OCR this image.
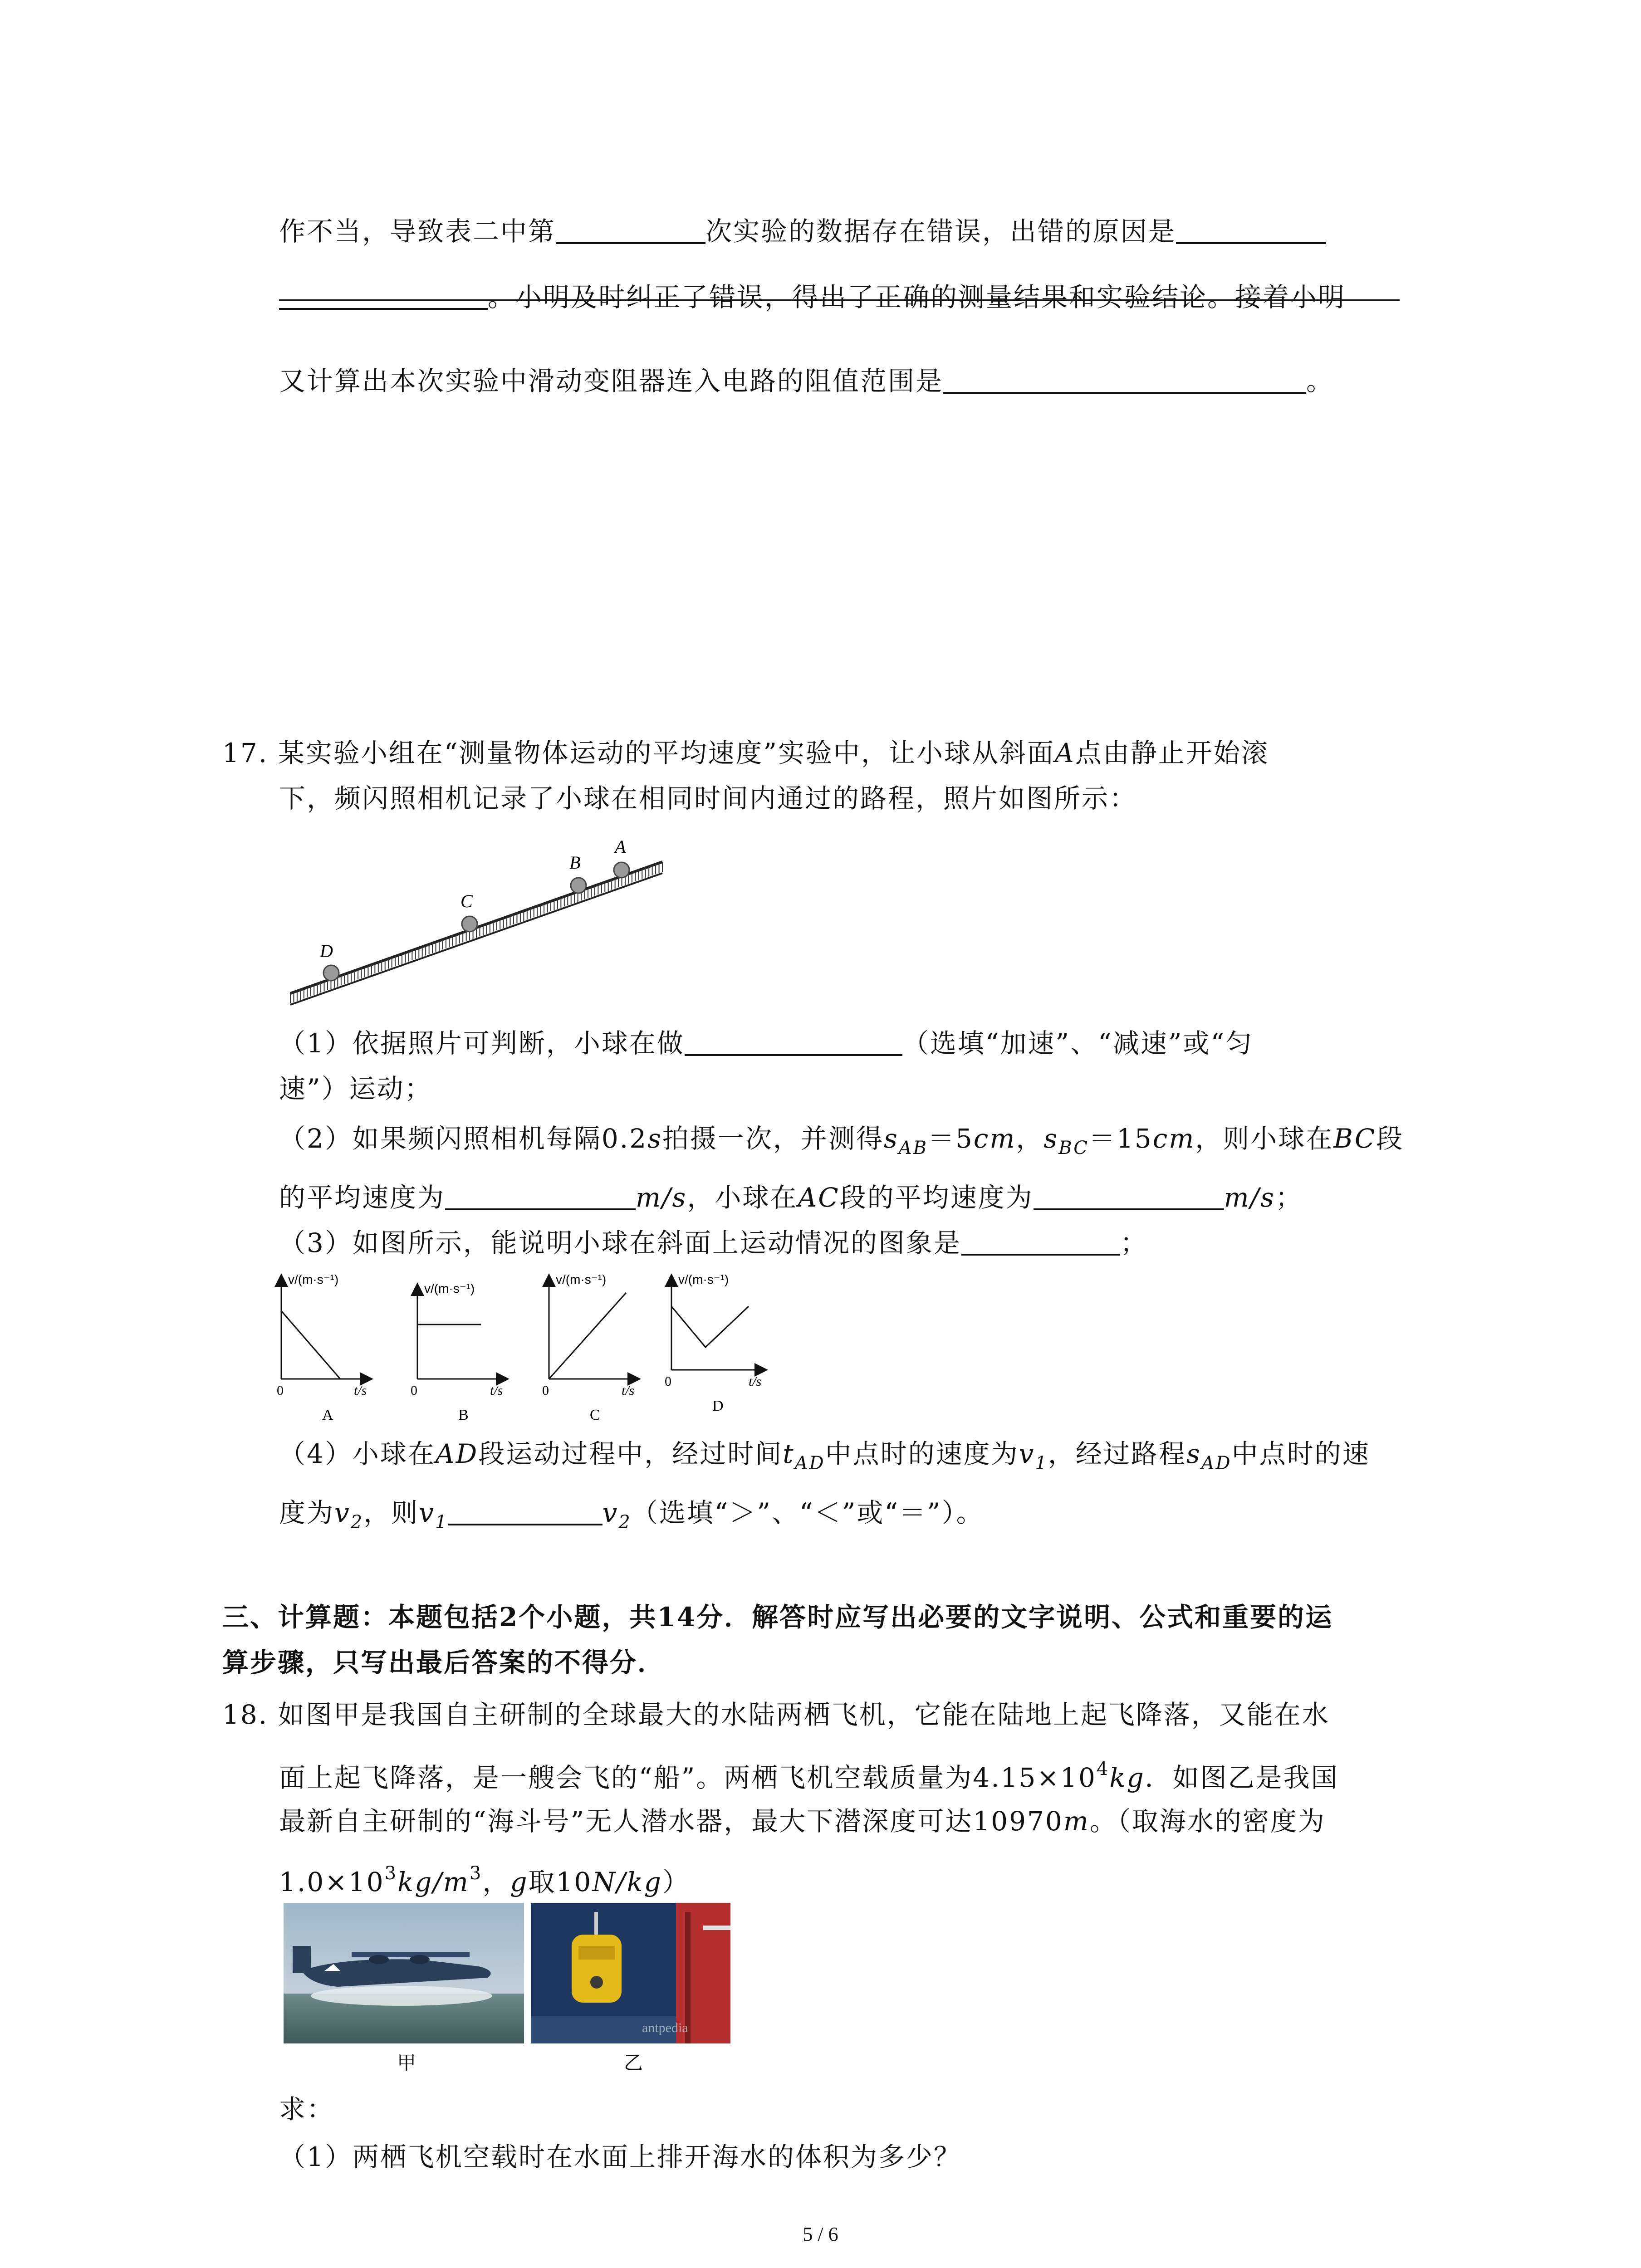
作不当，导致表二中第	次实验的数据存在错误，出错的原因是
。小明及时纠正了错误，得出了正确的测量结果和实验结论。接着小明
又计算出本次实验中滑动变阻器连入电路的阻值范围是	。
17. 某实验小组在“测量物体运动的平均速度”实验中，让小球从斜面A点由静止开始滚
下，频闪照相机记录了小球在相同时间内通过的路程，照片如图所示：
D
C
B
A
（1）依据照片可判断，小球在做	（选填“加速”、“减速”或“匀
速”）运动；
（2）如果频闪照相机每隔0.2s拍摄一次，并测得$s_{AB}=5cm$，$s_{BC}=15cm$，则小球在BC段
的平均速度为	m/s，小球在AC段的平均速度为	m/s；
（3）如图所示，能说明小球在斜面上运动情况的图象是	；
v/(m·s⁻¹)
0	t/s
A
v/(m·s⁻¹)
0	t/s
B
v/(m·s⁻¹)
0	t/s
C
v/(m·s⁻¹)
0	t/s
D
（4）小球在AD段运动过程中，经过时间$t_{AD}$中点时的速度为$v_1$，经过路程$s_{AD}$中点时的速
度为$v_2$，则$v_1$	$v_2$（选填“＞”、“＜”或“＝”）。
三、计算题：本题包括2个小题，共14分．解答时应写出必要的文字说明、公式和重要的运
算步骤，只写出最后答案的不得分．
18. 如图甲是我国自主研制的全球最大的水陆两栖飞机，它能在陆地上起飞降落，又能在水
面上起飞降落，是一艘会飞的“船”。两栖飞机空载质量为$4.15\times 10^4kg$．如图乙是我国
最新自主研制的“海斗号”无人潜水器，最大下潜深度可达10970m。（取海水的密度为
$1.0\times 10^3kg/m^3$，g取10N/kg）
甲
antpedia
乙
求：
（1）两栖飞机空载时在水面上排开海水的体积为多少？
5 / 6
